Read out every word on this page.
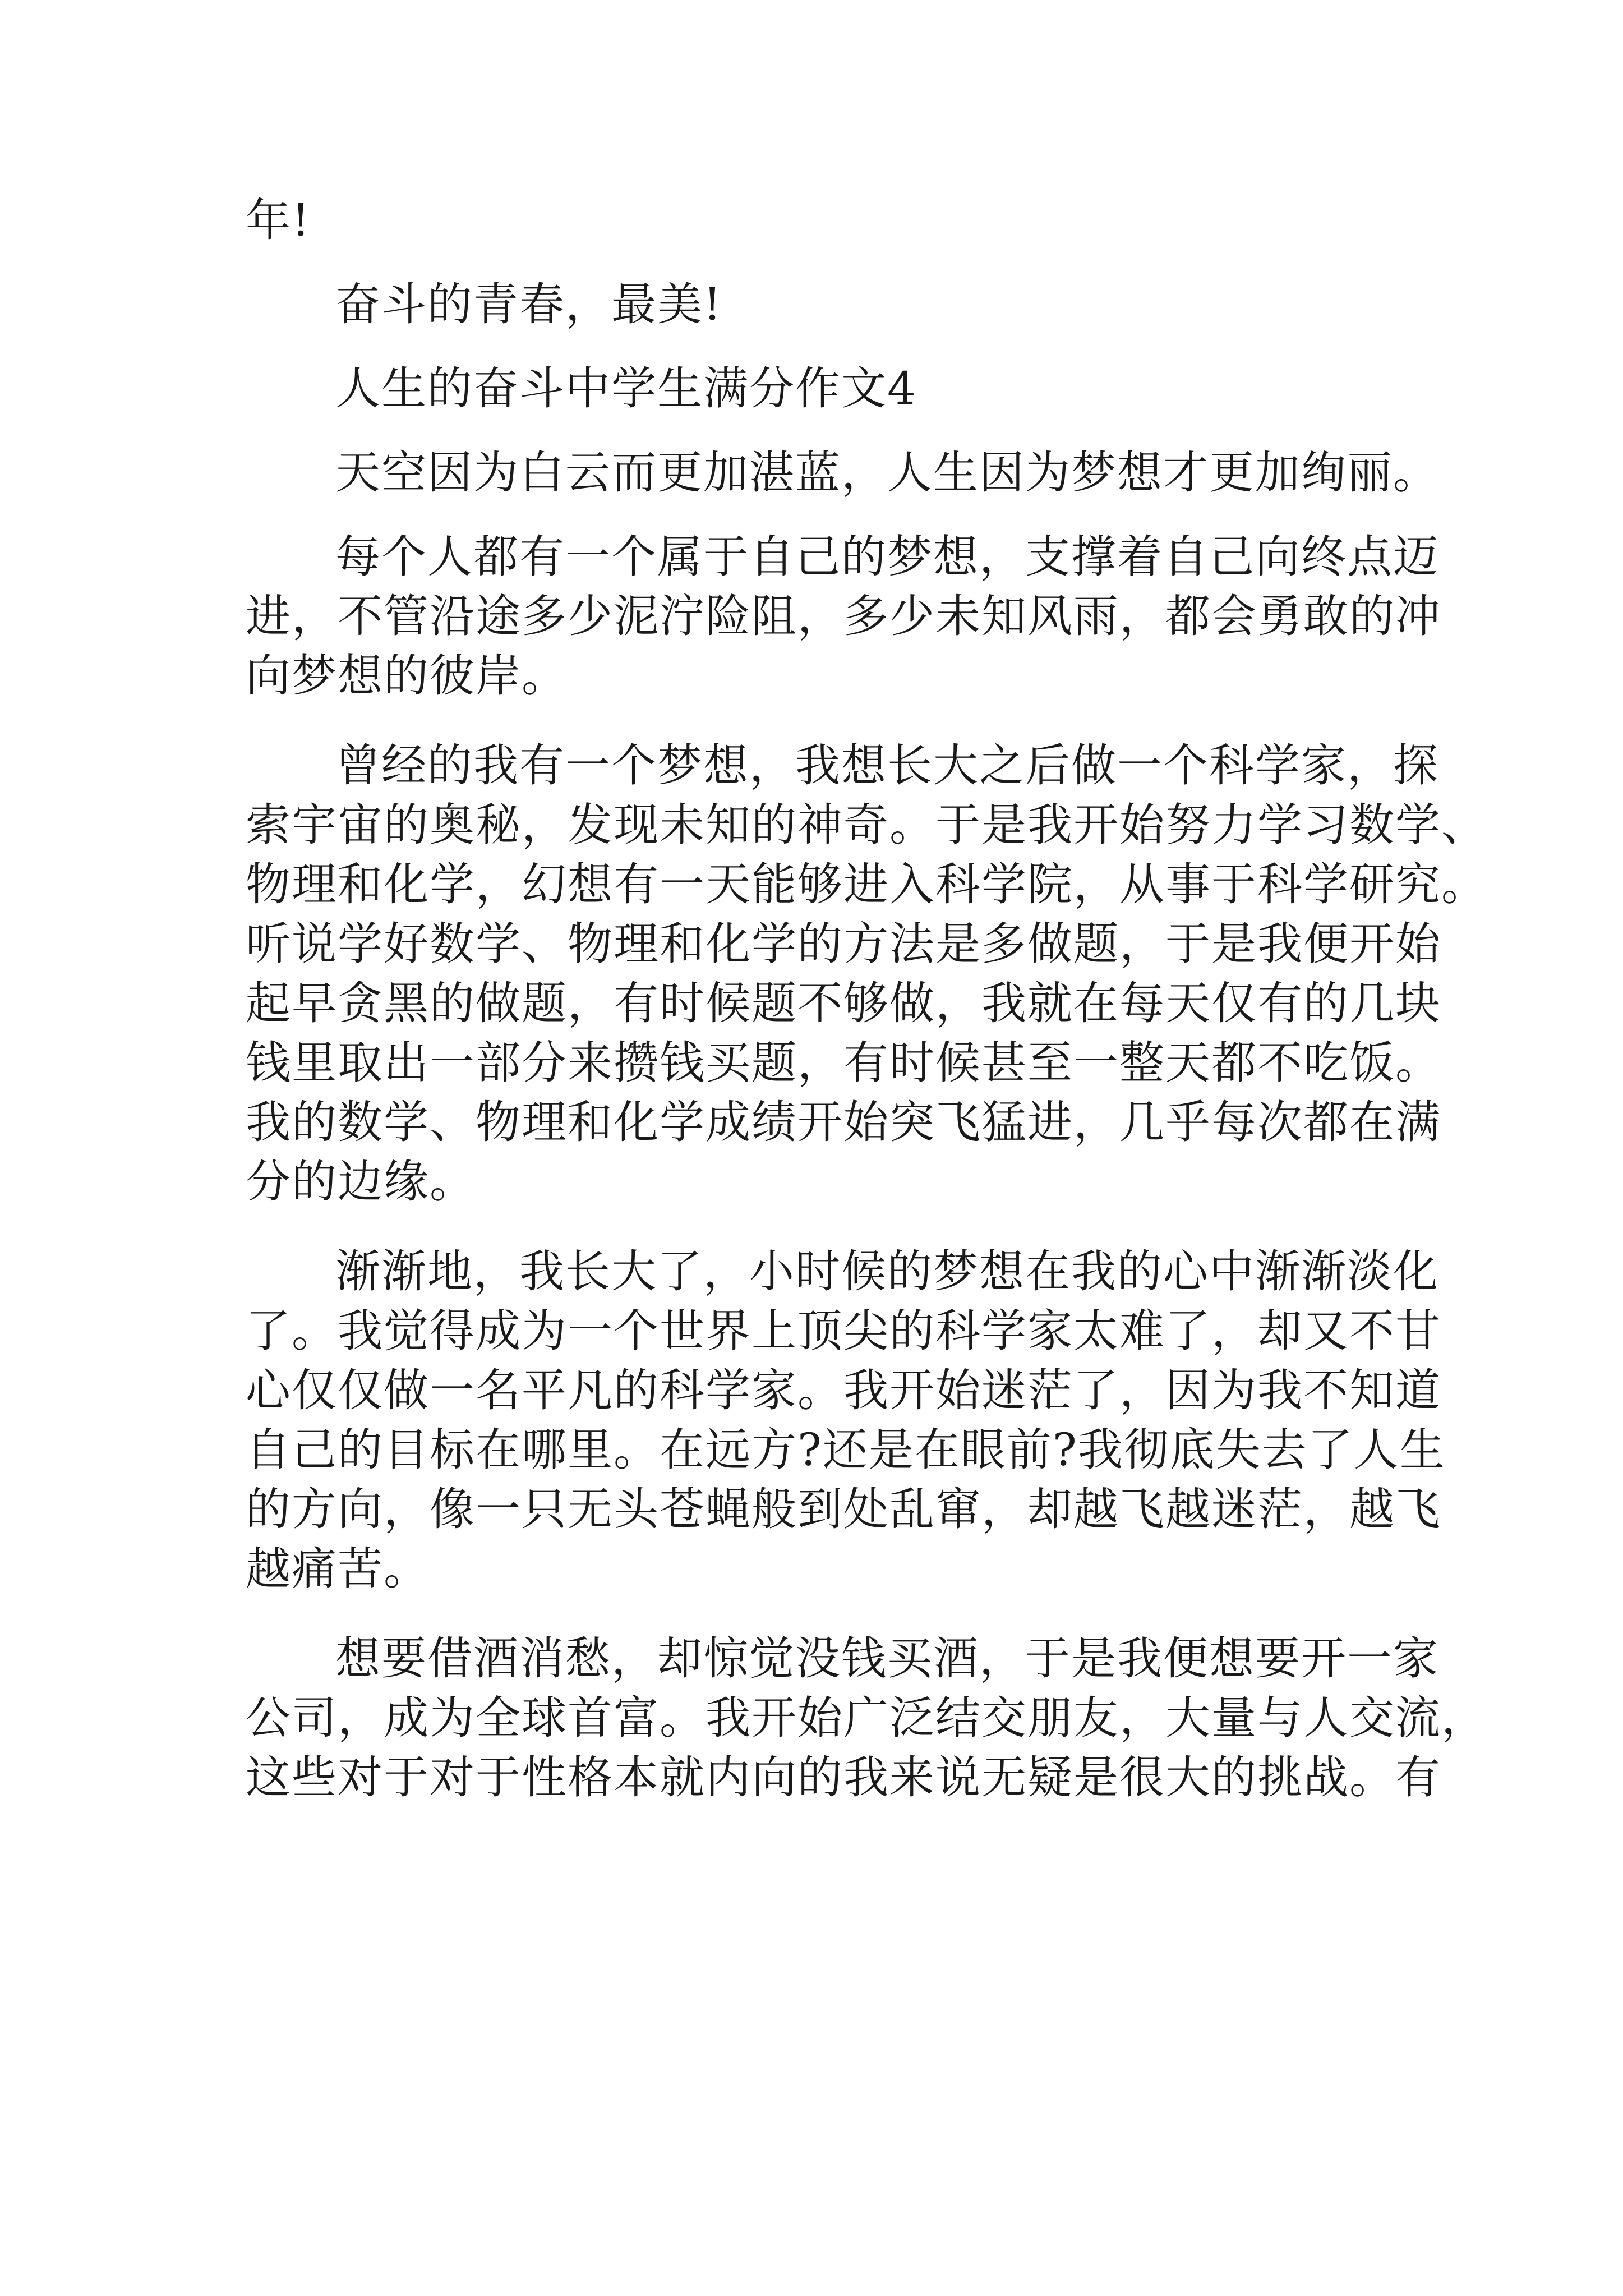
年!
奋斗的青春，最美!
人生的奋斗中学生满分作文4
天空因为白云而更加湛蓝，人生因为梦想才更加绚丽。
每个人都有一个属于自己的梦想，支撑着自己向终点迈
进，不管沿途多少泥泞险阻，多少未知风雨，都会勇敢的冲
向梦想的彼岸。
曾经的我有一个梦想，我想长大之后做一个科学家，探
索宇宙的奥秘，发现未知的神奇。于是我开始努力学习数学、
物理和化学，幻想有一天能够进入科学院，从事于科学研究。
听说学好数学、物理和化学的方法是多做题，于是我便开始
起早贪黑的做题，有时候题不够做，我就在每天仅有的几块
钱里取出一部分来攒钱买题，有时候甚至一整天都不吃饭。
我的数学、物理和化学成绩开始突飞猛进，几乎每次都在满
分的边缘。
渐渐地，我长大了，小时候的梦想在我的心中渐渐淡化
了。我觉得成为一个世界上顶尖的科学家太难了，却又不甘
心仅仅做一名平凡的科学家。我开始迷茫了，因为我不知道
自己的目标在哪里。在远方?还是在眼前?我彻底失去了人生
的方向，像一只无头苍蝇般到处乱窜，却越飞越迷茫，越飞
越痛苦。
想要借酒消愁，却惊觉没钱买酒，于是我便想要开一家
公司，成为全球首富。我开始广泛结交朋友，大量与人交流，
这些对于对于性格本就内向的我来说无疑是很大的挑战。有
